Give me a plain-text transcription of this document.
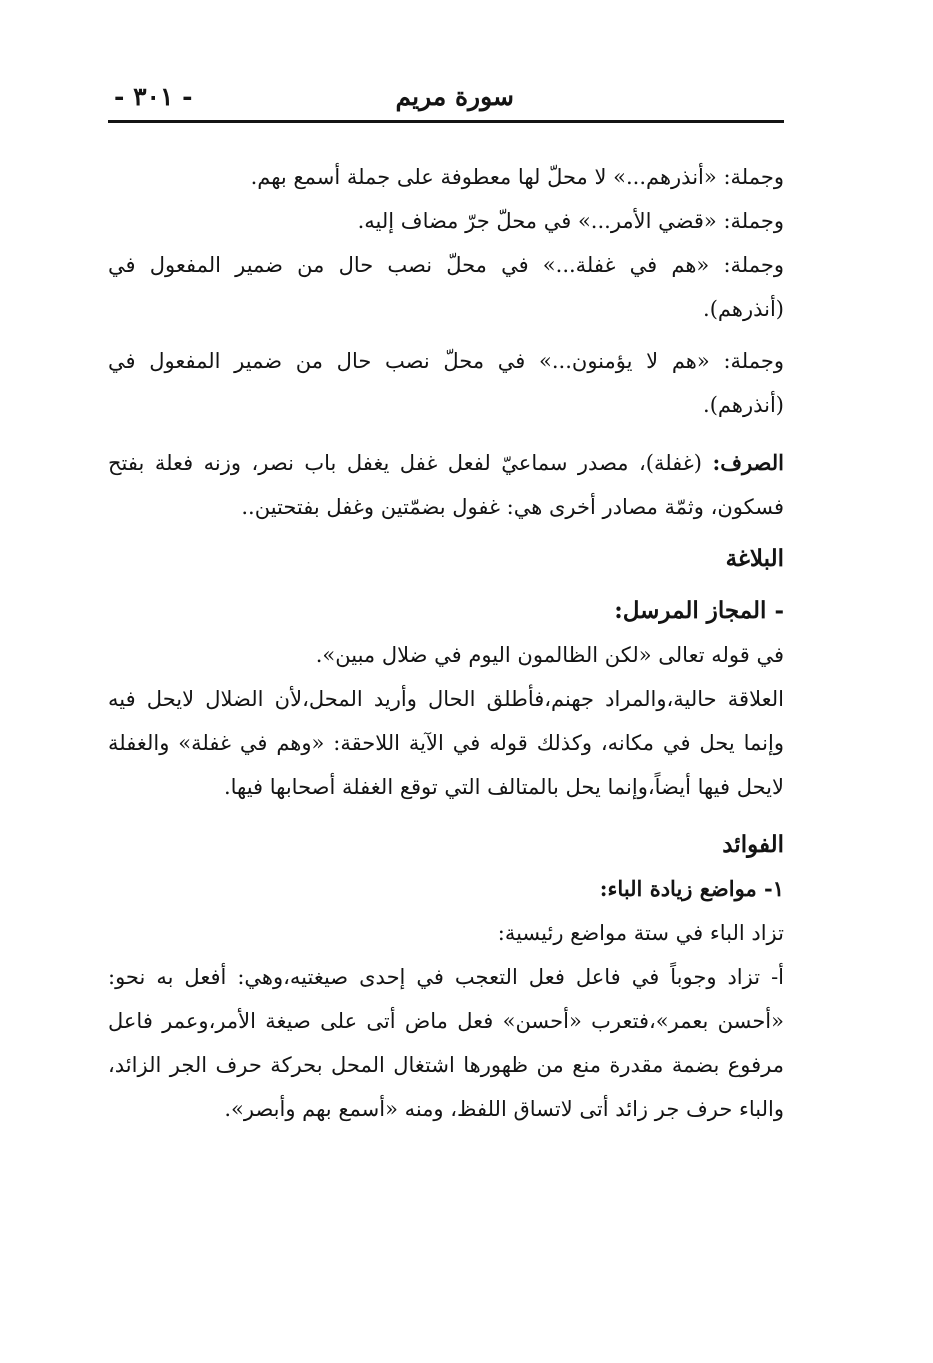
سورة مريم
- ٣٠١ -

وجملة: «أنذرهم...» لا محلّ لها معطوفة على جملة أسمع بهم.

وجملة: «قضي الأمر...» في محلّ جرّ مضاف إليه.

وجملة: «هم في غفلة...» في محلّ نصب حال من ضمير المفعول في (أنذرهم).

وجملة: «هم لا يؤمنون...» في محلّ نصب حال من ضمير المفعول في (أنذرهم).

الصرف: (غفلة)، مصدر سماعيّ لفعل غفل يغفل باب نصر، وزنه فعلة بفتح فسكون، وثمّة مصادر أخرى هي: غفول بضمّتين وغفل بفتحتين..

البلاغة

- المجاز المرسل:

في قوله تعالى «لكن الظالمون اليوم في ضلال مبين».

العلاقة حالية،والمراد جهنم،فأطلق الحال وأريد المحل،لأن الضلال لايحل فيه وإنما يحل في مكانه، وكذلك قوله في الآية اللاحقة: «وهم في غفلة» والغفلة لايحل فيها أيضاً،وإنما يحل بالمتالف التي توقع الغفلة أصحابها فيها.

الفوائد

١- مواضع زيادة الباء:

تزاد الباء في ستة مواضع رئيسية:

أ- تزاد وجوباً في فاعل فعل التعجب في إحدى صيغتيه،وهي: أفعل به نحو: «أحسن بعمر»،فتعرب «أحسن» فعل ماض أتى على صيغة الأمر،وعمر فاعل مرفوع بضمة مقدرة منع من ظهورها اشتغال المحل بحركة حرف الجر الزائد، والباء حرف جر زائد أتى لاتساق اللفظ، ومنه «أسمع بهم وأبصر».
